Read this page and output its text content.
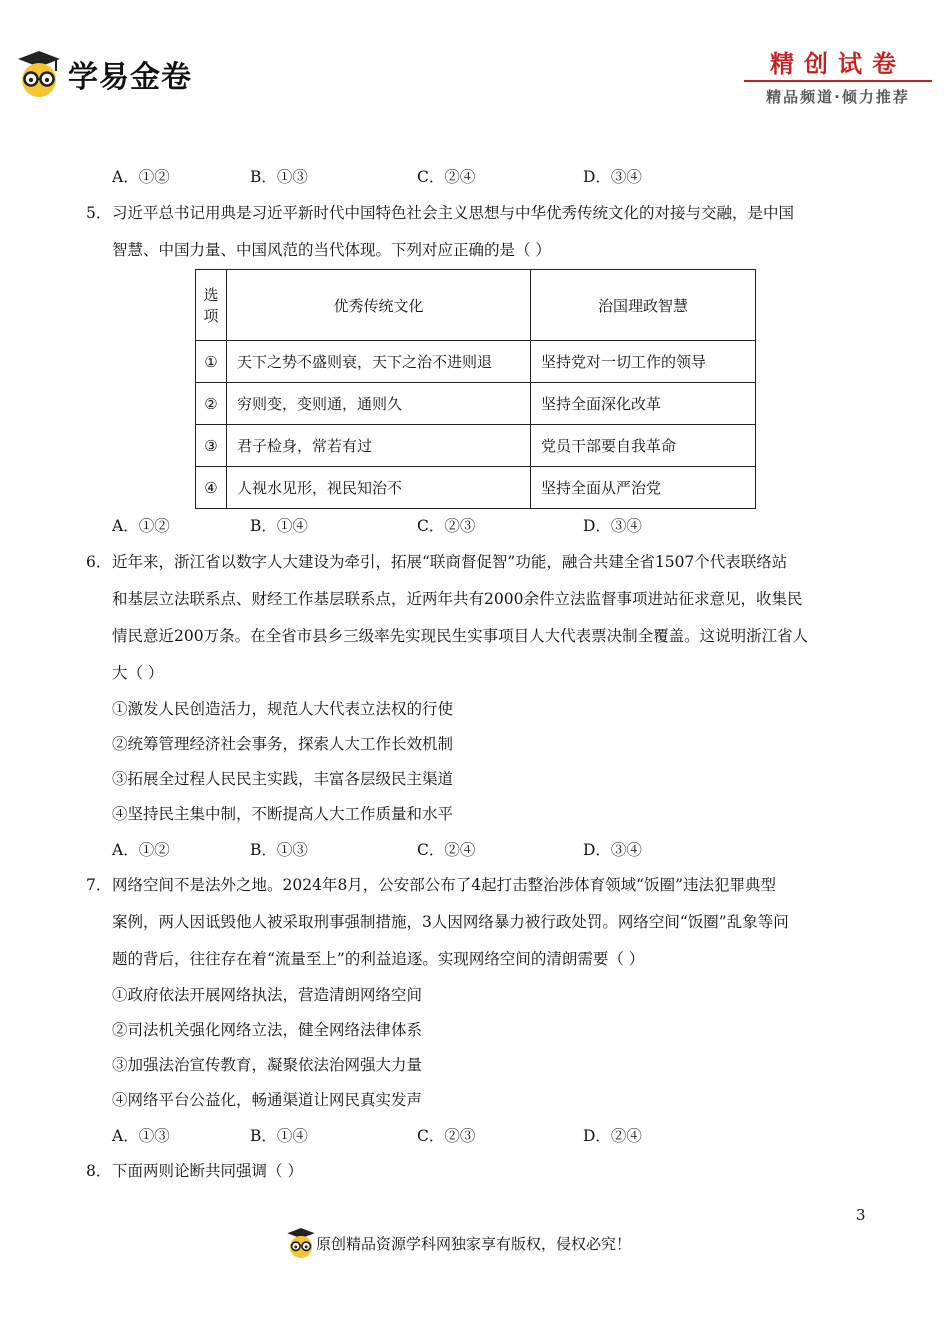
学易金卷	精创试卷
精品频道·倾力推荐
A．①②	B．①③	C．②④	D．③④
5． 习近平总书记用典是习近平新时代中国特色社会主义思想与中华优秀传统文化的对接与交融，是中国
智慧、中国力量、中国风范的当代体现。下列对应正确的是（ ）
选
项	优秀传统文化	治国理政智慧
①	天下之势不盛则衰，天下之治不进则退	坚持党对一切工作的领导
②	穷则变，变则通，通则久	坚持全面深化改革
③	君子检身，常若有过	党员干部要自我革命
④	人视水见形，视民知治不	坚持全面从严治党
A．①②	B．①④	C．②③	D．③④
6． 近年来，浙江省以数字人大建设为牵引，拓展“联商督促智”功能，融合共建全省1507个代表联络站
和基层立法联系点、财经工作基层联系点，近两年共有2000余件立法监督事项进站征求意见，收集民
情民意近200万条。在全省市县乡三级率先实现民生实事项目人大代表票决制全覆盖。这说明浙江省人
大（ ）
①激发人民创造活力，规范人大代表立法权的行使
②统筹管理经济社会事务，探索人大工作长效机制
③拓展全过程人民民主实践，丰富各层级民主渠道
④坚持民主集中制，不断提高人大工作质量和水平
A．①②	B．①③	C．②④	D．③④
7． 网络空间不是法外之地。2024年8月，公安部公布了4起打击整治涉体育领域“饭圈”违法犯罪典型
案例，两人因诋毁他人被采取刑事强制措施，3人因网络暴力被行政处罚。网络空间“饭圈”乱象等问
题的背后，往往存在着“流量至上”的利益追逐。实现网络空间的清朗需要（ ）
①政府依法开展网络执法，营造清朗网络空间
②司法机关强化网络立法，健全网络法律体系
③加强法治宣传教育，凝聚依法治网强大力量
④网络平台公益化，畅通渠道让网民真实发声
A．①③	B．①④	C．②③	D．②④
8． 下面两则论断共同强调（ ）
3
原创精品资源学科网独家享有版权，侵权必究！
